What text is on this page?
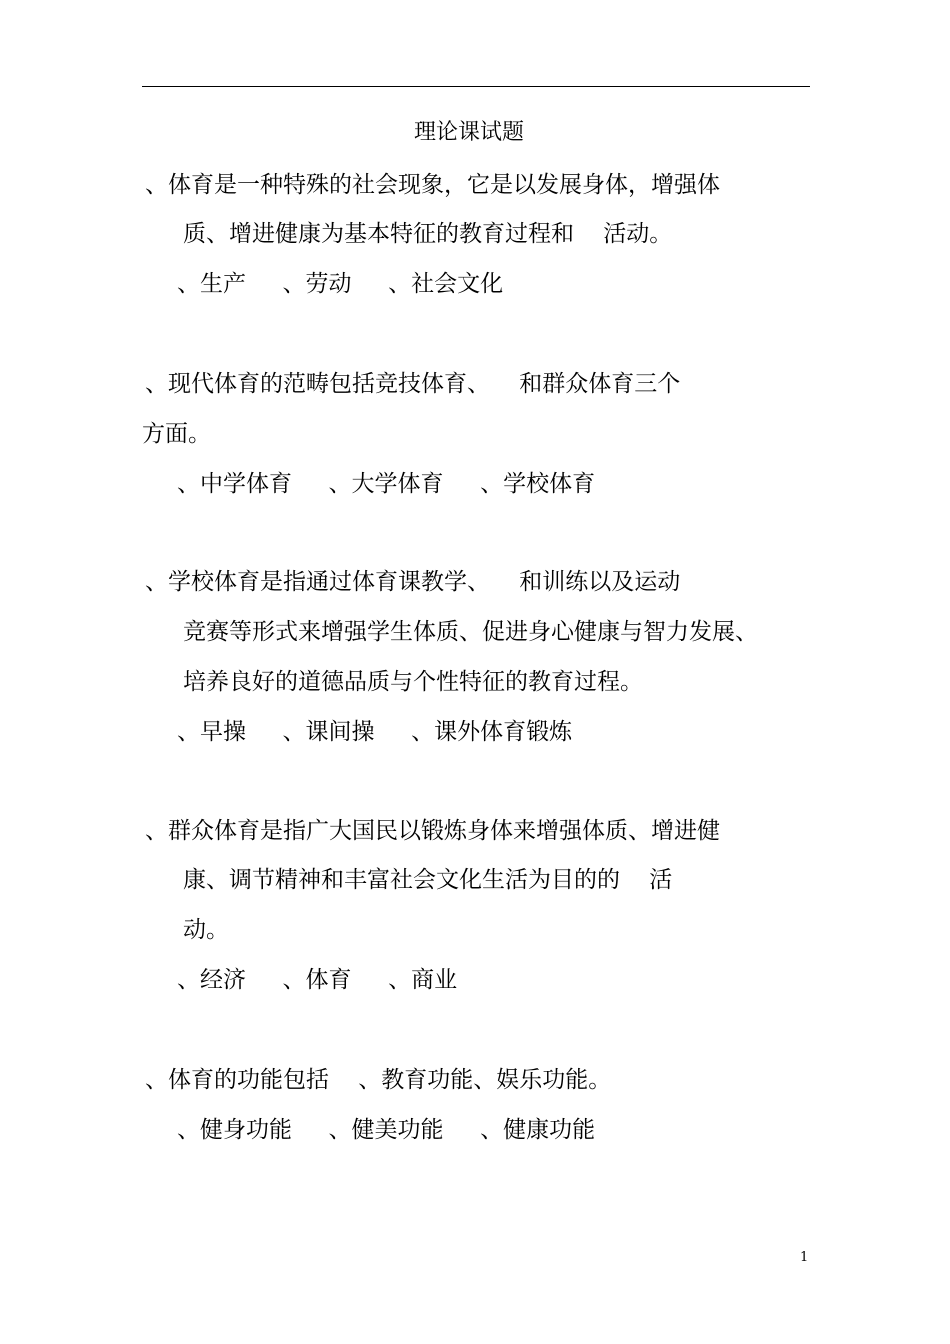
理论课试题
、体育是一种特殊的社会现象，它是以发展身体，增强体
质、增进健康为基本特征的教育过程和    活动。
、生产     、劳动     、社会文化
、现代体育的范畴包括竞技体育、    和群众体育三个
方面。
、中学体育     、大学体育     、学校体育
、学校体育是指通过体育课教学、    和训练以及运动
竞赛等形式来增强学生体质、促进身心健康与智力发展、
培养良好的道德品质与个性特征的教育过程。
、早操     、课间操     、课外体育锻炼
、群众体育是指广大国民以锻炼身体来增强体质、增进健
康、调节精神和丰富社会文化生活为目的的    活
动。
、经济     、体育     、商业
、体育的功能包括    、教育功能、娱乐功能。
、健身功能     、健美功能     、健康功能
1
